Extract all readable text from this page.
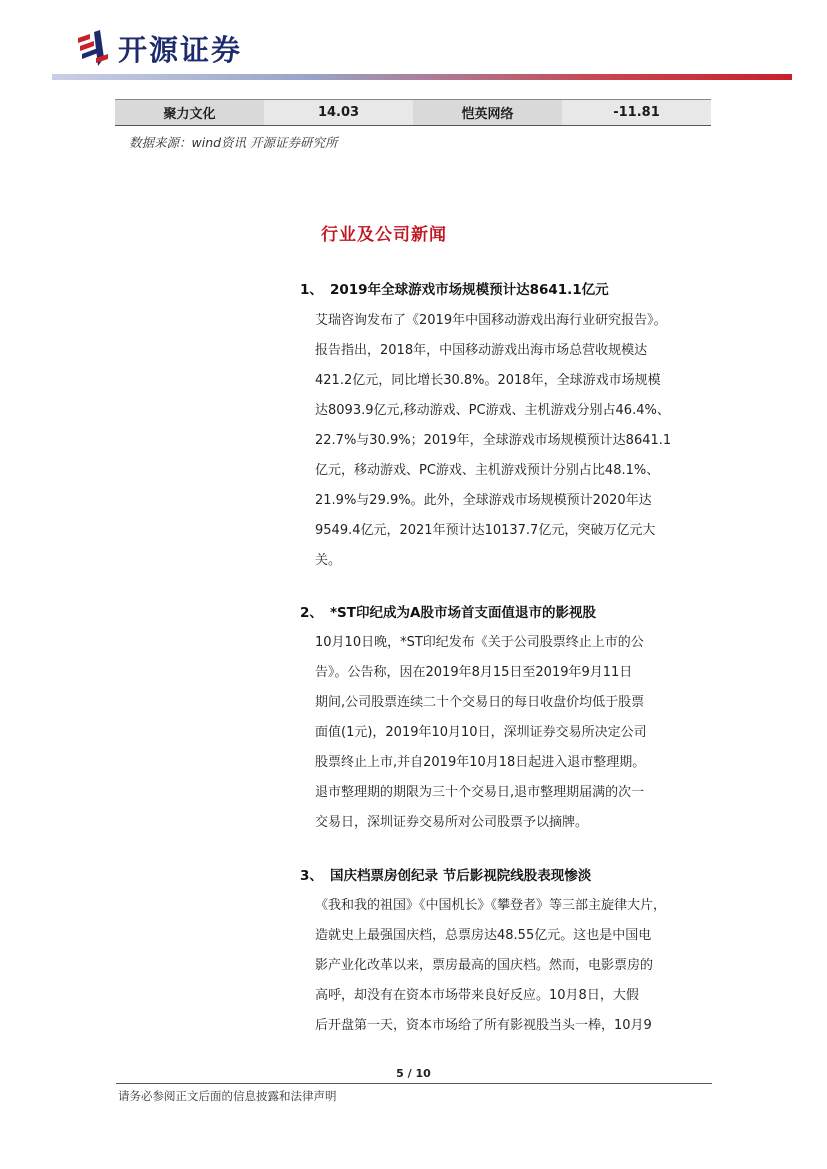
开源证券
聚力文化	14.03	恺英网络	-11.81
数据来源：wind资讯 开源证券研究所
行业及公司新闻
1、 2019年全球游戏市场规模预计达8641.1亿元
艾瑞咨询发布了《2019年中国移动游戏出海行业研究报告》。
报告指出，2018年，中国移动游戏出海市场总营收规模达
421.2亿元，同比增长30.8%。2018年，全球游戏市场规模
达8093.9亿元,移动游戏、PC游戏、主机游戏分别占46.4%、
22.7%与30.9%；2019年，全球游戏市场规模预计达8641.1
亿元，移动游戏、PC游戏、主机游戏预计分别占比48.1%、
21.9%与29.9%。此外，全球游戏市场规模预计2020年达
9549.4亿元，2021年预计达10137.7亿元，突破万亿元大
关。
2、 *ST印纪成为A股市场首支面值退市的影视股
10月10日晚，*ST印纪发布《关于公司股票终止上市的公
告》。公告称，因在2019年8月15日至2019年9月11日
期间,公司股票连续二十个交易日的每日收盘价均低于股票
面值(1元)，2019年10月10日，深圳证券交易所决定公司
股票终止上市,并自2019年10月18日起进入退市整理期。
退市整理期的期限为三十个交易日,退市整理期届满的次一
交易日，深圳证券交易所对公司股票予以摘牌。
3、 国庆档票房创纪录 节后影视院线股表现惨淡
《我和我的祖国》《中国机长》《攀登者》等三部主旋律大片，
造就史上最强国庆档，总票房达48.55亿元。这也是中国电
影产业化改革以来，票房最高的国庆档。然而，电影票房的
高呼，却没有在资本市场带来良好反应。10月8日，大假
后开盘第一天，资本市场给了所有影视股当头一棒，10月9
5 / 10
请务必参阅正文后面的信息披露和法律声明
